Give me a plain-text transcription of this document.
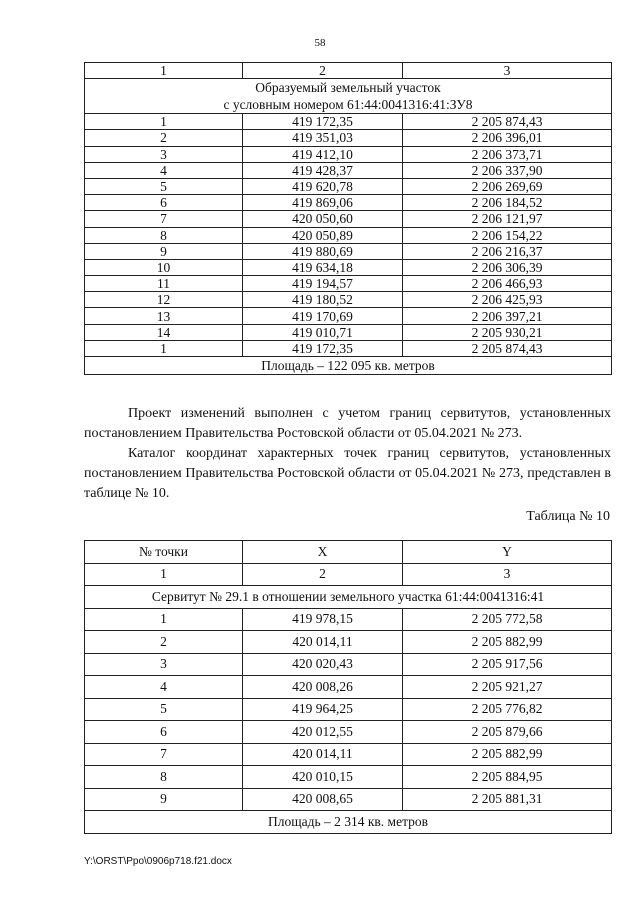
58
1	2	3

Образуемый земельный участок
с условным номером 61:44:0041316:41:ЗУ8		

1	419 172,35	2 205 874,43
2	419 351,03	2 206 396,01
3	419 412,10	2 206 373,71
4	419 428,37	2 206 337,90
5	419 620,78	2 206 269,69
6	419 869,06	2 206 184,52
7	420 050,60	2 206 121,97
8	420 050,89	2 206 154,22
9	419 880,69	2 206 216,37
10	419 634,18	2 206 306,39
11	419 194,57	2 206 466,93
12	419 180,52	2 206 425,93
13	419 170,69	2 206 397,21
14	419 010,71	2 205 930,21
1	419 172,35	2 205 874,43
Площадь – 122 095 кв. метров		

Проект изменений выполнен с учетом границ сервитутов, установленных постановлением Правительства Ростовской области от 05.04.2021 № 273.

Каталог координат характерных точек границ сервитутов, установленных постановлением Правительства Ростовской области от 05.04.2021 № 273, представлен в таблице № 10.

Таблица № 10
№ точки	X	Y
1	2	3
Сервитут № 29.1 в отношении земельного участка 61:44:0041316:41		
1	419 978,15	2 205 772,58
2	420 014,11	2 205 882,99
3	420 020,43	2 205 917,56
4	420 008,26	2 205 921,27
5	419 964,25	2 205 776,82
6	420 012,55	2 205 879,66
7	420 014,11	2 205 882,99
8	420 010,15	2 205 884,95
9	420 008,65	2 205 881,31
Площадь – 2 314 кв. метров		
Y:\ORST\Ppo\0906p718.f21.docx
